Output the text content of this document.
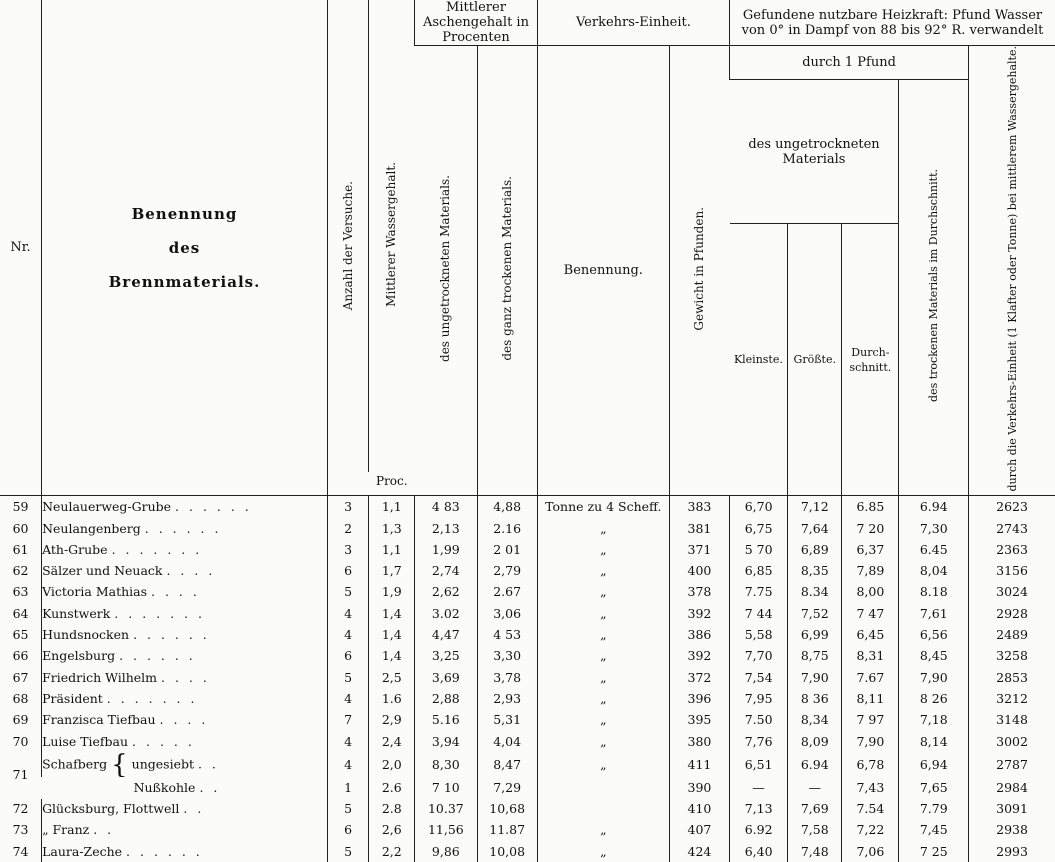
Nr.	Benennung
des
Brennmaterials.	Anzahl der Versuche.	Mittlerer Wassergehalt.	Mittlerer Aschengehalt in Procenten		Verkehrs-Einheit.		Gefundene nutzbare Heizkraft: Pfund Wasser von 0° in Dampf von 88 bis 92° R. verwandelt				
				des ungetrockneten Materials.	des ganz trockenen Materials.	Benennung.	Gewicht in Pfunden.	durch 1 Pfund				durch die Verkehrs-Einheit (1 Klafter oder Tonne) bei mittlerem Wassergehalte.
								des ungetrockneten Materials			des trockenen Materials im Durchschnitt.	
								Kleinste.	Größte.	Durch-schnitt.		
			Proc.									
59	Neulauerweg-Grube . . . . . .	3	1,1	4 83	4,88	Tonne zu 4 Scheff.	383	6,70	7,12	6.85	6.94	2623
60	Neulangenberg . . . . . .	2	1,3	2,13	2.16	„	381	6,75	7,64	7 20	7,30	2743
61	Ath-Grube . . . . . . .	3	1,1	1,99	2 01	„	371	5 70	6,89	6,37	6.45	2363
62	Sälzer und Neuack . . . .	6	1,7	2,74	2,79	„	400	6,85	8,35	7,89	8,04	3156
63	Victoria Mathias . . . .	5	1,9	2,62	2.67	„	378	7.75	8.34	8,00	8.18	3024
64	Kunstwerk . . . . . . .	4	1,4	3.02	3,06	„	392	7 44	7,52	7 47	7,61	2928
65	Hundsnocken . . . . . .	4	1,4	4,47	4 53	„	386	5,58	6,99	6,45	6,56	2489
66	Engelsburg . . . . . .	6	1,4	3,25	3,30	„	392	7,70	8,75	8,31	8,45	3258
67	Friedrich Wilhelm . . . .	5	2,5	3,69	3,78	„	372	7,54	7,90	7.67	7,90	2853
68	Präsident . . . . . . .	4	1.6	2,88	2,93	„	396	7,95	8 36	8,11	8 26	3212
69	Franzisca Tiefbau . . . .	7	2,9	5.16	5,31	„	395	7.50	8,34	7 97	7,18	3148
70	Luise Tiefbau . . . . .	4	2,4	3,94	4,04	„	380	7,76	8,09	7,90	8,14	3002
71	Schafberg { ungesiebt . .	4	2,0	8,30	8,47	„	411	6,51	6.94	6,78	6,94	2787
	Nußkohle . .	1	2.6	7 10	7,29		390	—	—	7,43	7,65	2984
72	Glücksburg, Flottwell . .	5	2.8	10.37	10,68		410	7,13	7,69	7.54	7.79	3091
73	„ Franz . .	6	2,6	11,56	11.87	„	407	6.92	7,58	7,22	7,45	2938
74	Laura-Zeche . . . . . .	5	2,2	9,86	10,08	„	424	6,40	7,48	7,06	7 25	2993
